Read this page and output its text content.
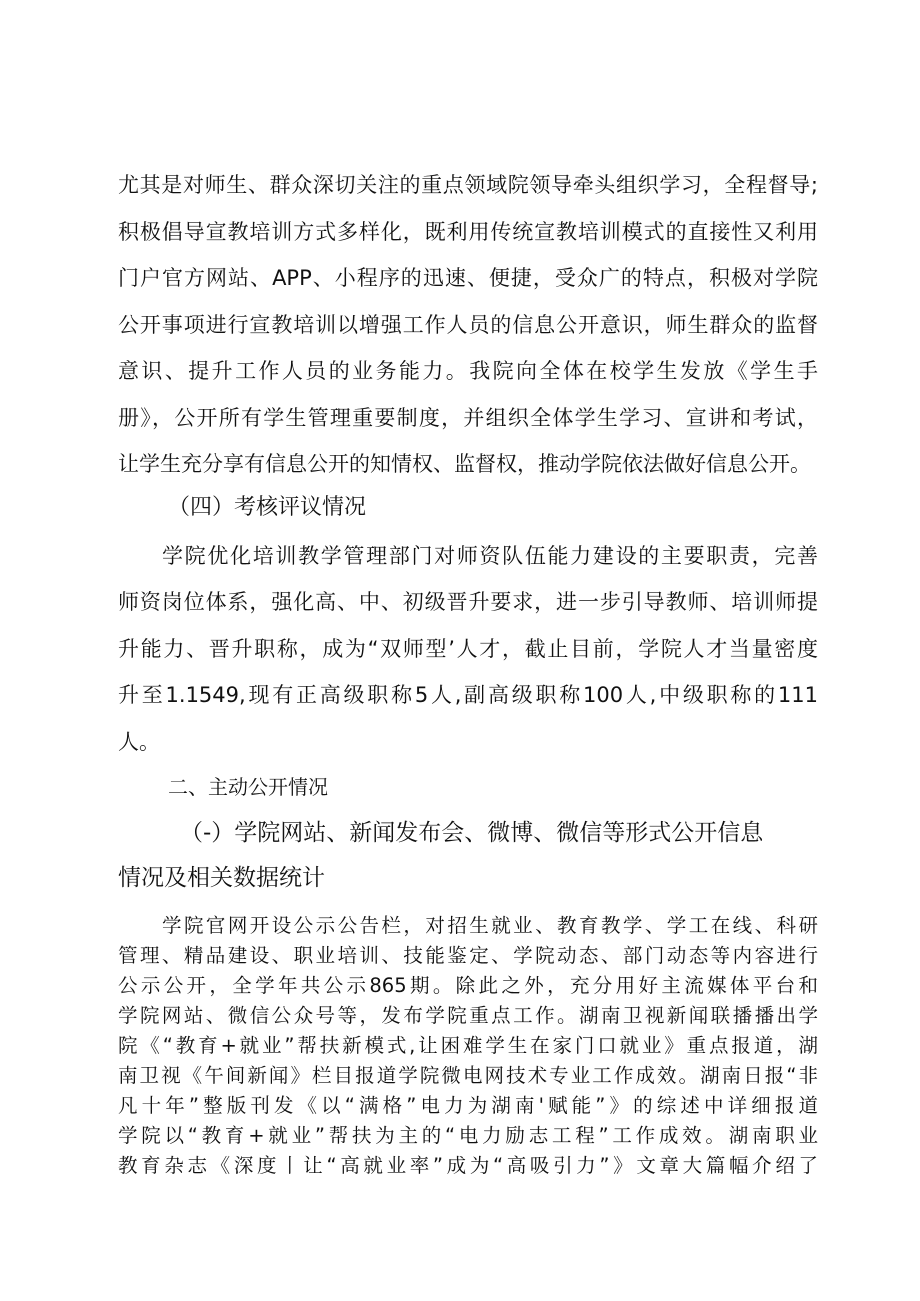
尤其是对师生、群众深切关注的重点领域院领导牵头组织学习，全程督导;
积极倡导宣教培训方式多样化，既利用传统宣教培训模式的直接性又利用
门户官方网站、APP、小程序的迅速、便捷，受众广的特点，积极对学院
公开事项进行宣教培训以增强工作人员的信息公开意识，师生群众的监督
意识、提升工作人员的业务能力。我院向全体在校学生发放《学生手
册》，公开所有学生管理重要制度，并组织全体学生学习、宣讲和考试，
让学生充分享有信息公开的知情权、监督权，推动学院依法做好信息公开。
（四）考核评议情况
学院优化培训教学管理部门对师资队伍能力建设的主要职责，完善
师资岗位体系，强化高、中、初级晋升要求，进一步引导教师、培训师提
升能力、晋升职称，成为“双师型’人才，截止目前，学院人才当量密度
升至1.1549,现有正高级职称5人,副高级职称100人,中级职称的111
人。
二、主动公开情况
（-）学院网站、新闻发布会、微博、微信等形式公开信息
情况及相关数据统计
学院官网开设公示公告栏，对招生就业、教育教学、学工在线、科研
管理、精品建设、职业培训、技能鉴定、学院动态、部门动态等内容进行
公示公开，全学年共公示865期。除此之外，充分用好主流媒体平台和
学院网站、微信公众号等，发布学院重点工作。湖南卫视新闻联播播出学
院《“教育+就业”帮扶新模式,让困难学生在家门口就业》重点报道，湖
南卫视《午间新闻》栏目报道学院微电网技术专业工作成效。湖南日报“非
凡十年”整版刊发《以“满格”电力为湖南'赋能”》的综述中详细报道
学院以“教育+就业”帮扶为主的“电力励志工程”工作成效。湖南职业
教育杂志《深度丨让“高就业率”成为“高吸引力”》文章大篇幅介绍了
